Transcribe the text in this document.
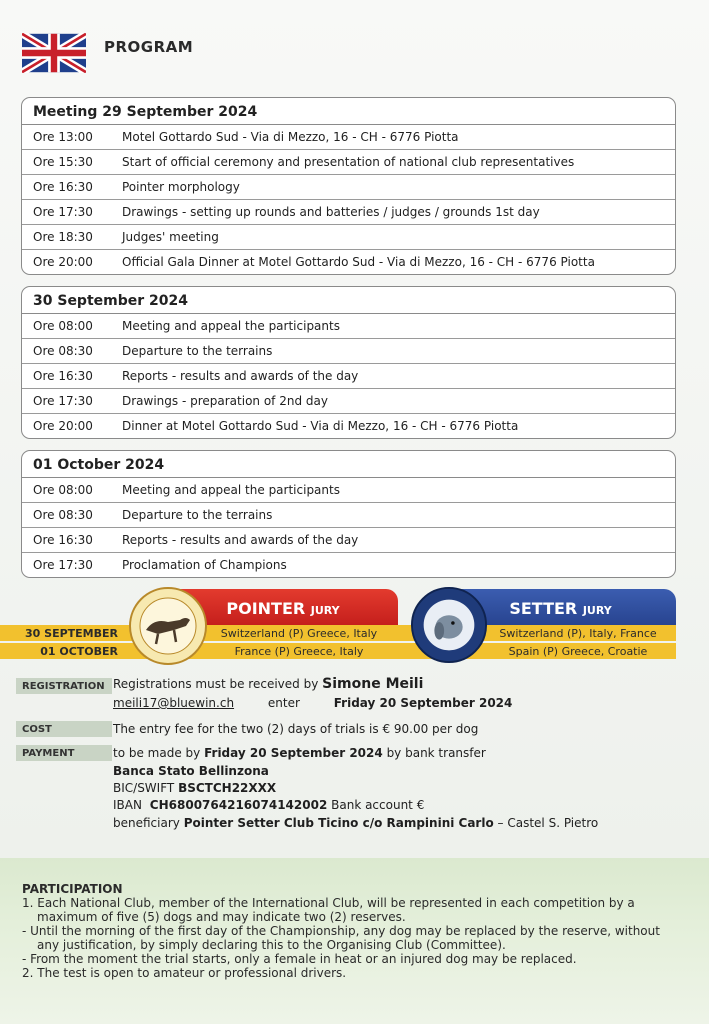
PROGRAM
Meeting 29 September 2024
Ore 13:00	Motel Gottardo Sud - Via di Mezzo, 16 - CH - 6776 Piotta
Ore 15:30	Start of official ceremony and presentation of national club representatives
Ore 16:30	Pointer morphology
Ore 17:30	Drawings - setting up rounds and batteries / judges / grounds 1st day
Ore 18:30	Judges' meeting
Ore 20:00	Official Gala Dinner at Motel Gottardo Sud - Via di Mezzo, 16 - CH - 6776 Piotta
30 September 2024
Ore 08:00	Meeting and appeal the participants
Ore 08:30	Departure to the terrains
Ore 16:30	Reports - results and awards of the day
Ore 17:30	Drawings - preparation of 2nd day
Ore 20:00	Dinner at Motel Gottardo Sud - Via di Mezzo, 16 - CH - 6776 Piotta
01 October 2024
Ore 08:00	Meeting and appeal the participants
Ore 08:30	Departure to the terrains
Ore 16:30	Reports - results and awards of the day
Ore 17:30	Proclamation of Champions
POINTER JURY	SETTER JURY
30 SEPTEMBER	Switzerland (P) Greece, Italy	Switzerland (P), Italy, France
01 OCTOBER	France (P) Greece, Italy	Spain (P) Greece, Croatie
REGISTRATION Registrations must be received by Simone Meili
meili17@bluewin.ch	enter	Friday 20 September 2024
COST	The entry fee for the two (2) days of trials is € 90.00 per dog
PAYMENT	to be made by Friday 20 September 2024 by bank transfer
Banca Stato Bellinzona
BIC/SWIFT BSCTCH22XXX
IBAN CH6800764216074142002 Bank account €
beneficiary Pointer Setter Club Ticino c/o Rampinini Carlo – Castel S. Pietro
PARTICIPATION
1. Each National Club, member of the International Club, will be represented in each competition by a
maximum of five (5) dogs and may indicate two (2) reserves.
- Until the morning of the first day of the Championship, any dog may be replaced by the reserve, without
any justification, by simply declaring this to the Organising Club (Committee).
- From the moment the trial starts, only a female in heat or an injured dog may be replaced.
2. The test is open to amateur or professional drivers.
